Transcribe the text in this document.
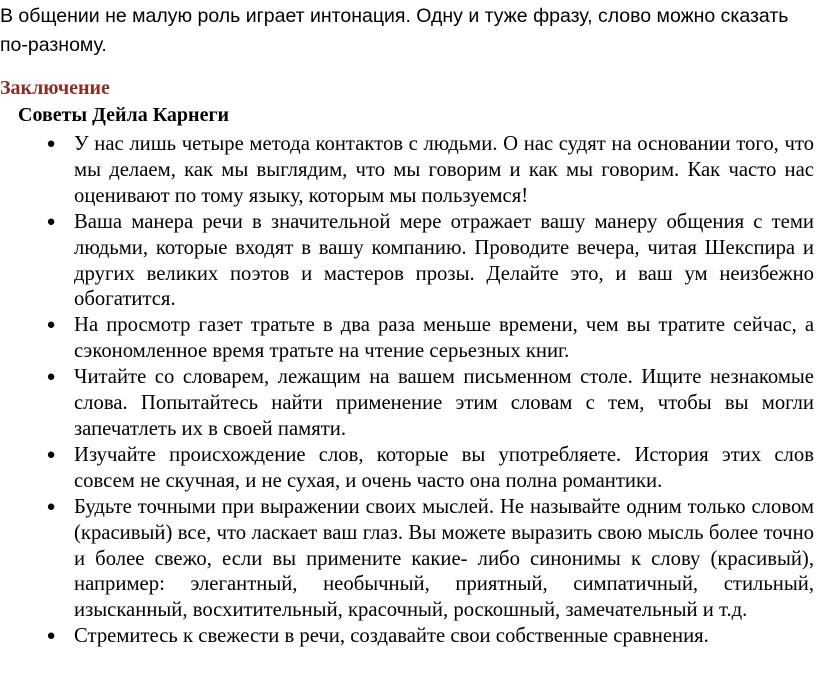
В общении не малую роль играет интонация. Одну и туже фразу, слово можно сказать по-разному.

Заключение
Советы Дейла Карнеги
● У нас лишь четыре метода контактов с людьми. О нас судят на основании того, что мы делаем, как мы выглядим, что мы говорим и как мы говорим. Как часто нас оценивают по тому языку, которым мы пользуемся!
● Ваша манера речи в значительной мере отражает вашу манеру общения с теми людьми, которые входят в вашу компанию. Проводите вечера, читая Шекспира и других великих поэтов и мастеров прозы. Делайте это, и ваш ум неизбежно обогатится.
● На просмотр газет тратьте в два раза меньше времени, чем вы тратите сейчас, а сэкономленное время тратьте на чтение серьезных книг.
● Читайте со словарем, лежащим на вашем письменном столе. Ищите незнакомые слова. Попытайтесь найти применение этим словам с тем, чтобы вы могли запечатлеть их в своей памяти.
● Изучайте происхождение слов, которые вы употребляете. История этих слов совсем не скучная, и не сухая, и очень часто она полна романтики.
● Будьте точными при выражении своих мыслей. Не называйте одним только словом (красивый) все, что ласкает ваш глаз. Вы можете выразить свою мысль более точно и более свежо, если вы примените какие- либо синонимы к слову (красивый), например: элегантный, необычный, приятный, симпатичный, стильный, изысканный, восхитительный, красочный, роскошный, замечательный и т.д.
● Стремитесь к свежести в речи, создавайте свои собственные сравнения.
